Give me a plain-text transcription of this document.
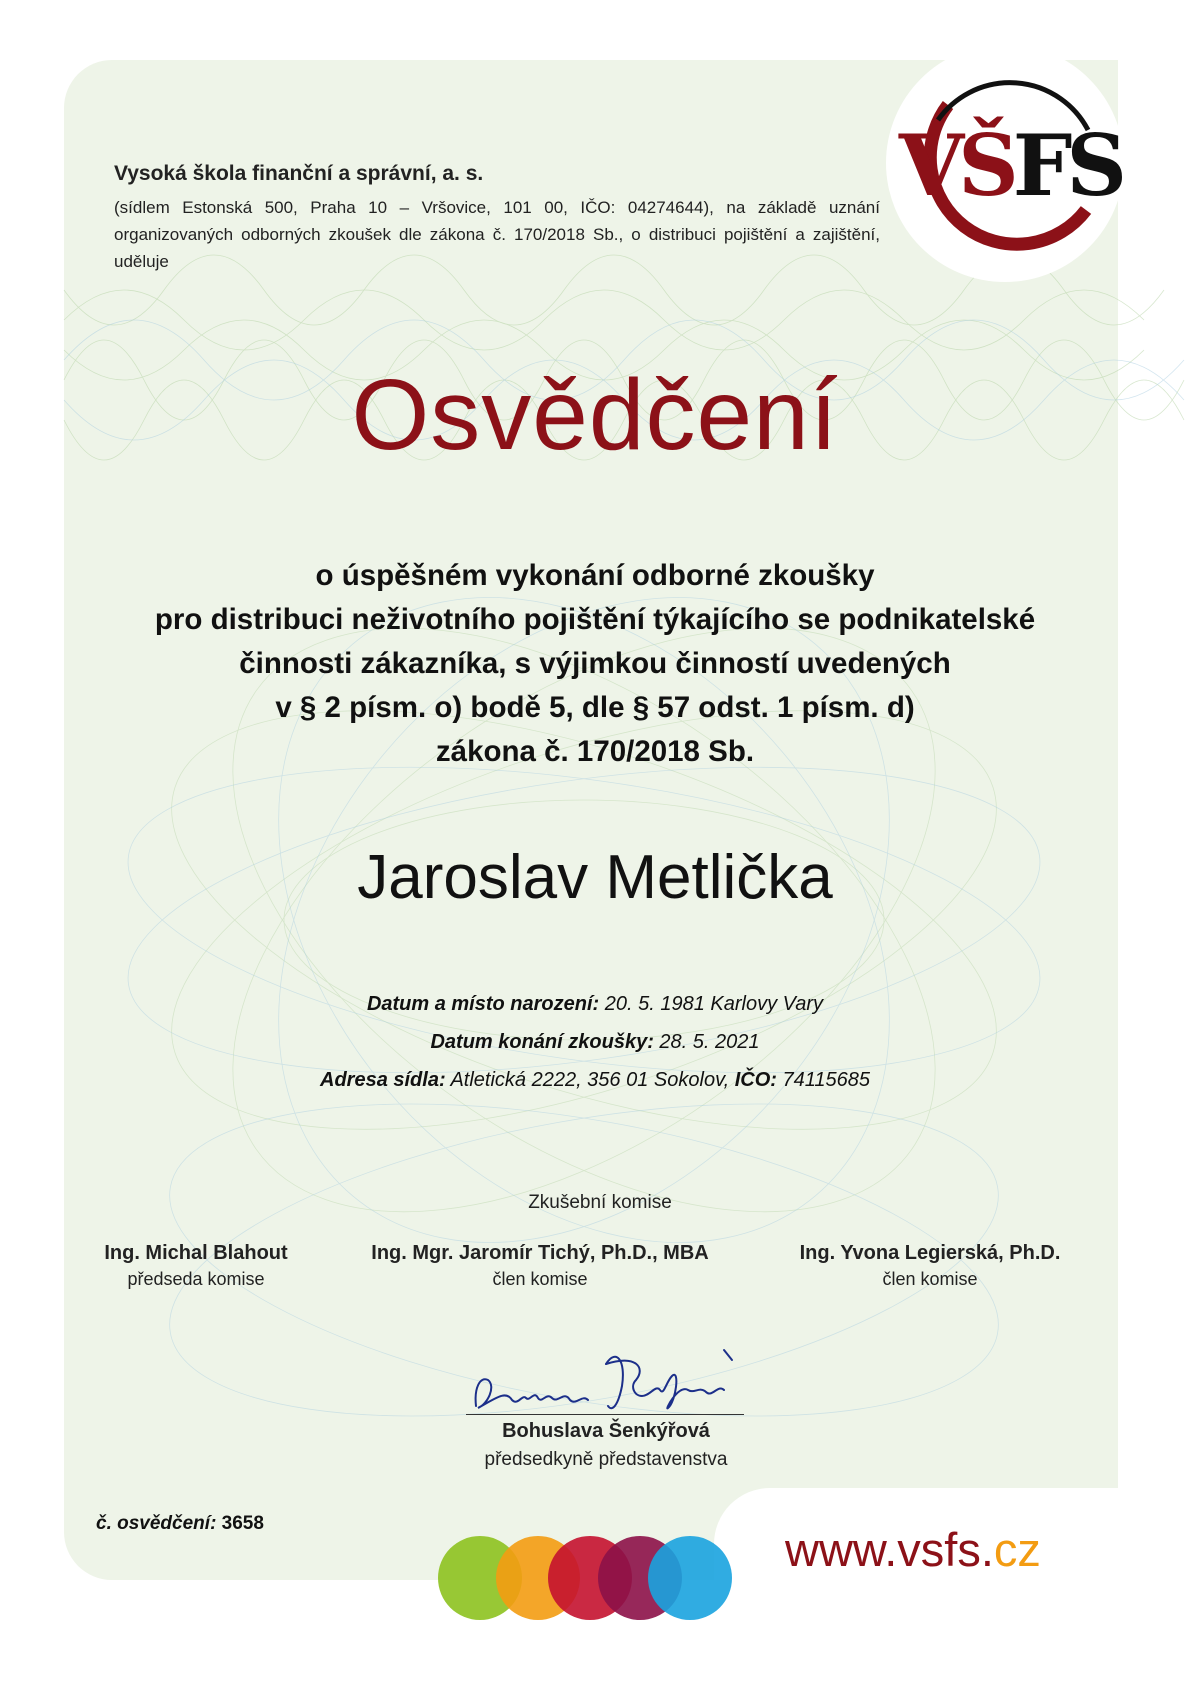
VŠFS
Vysoká škola finanční a správní, a. s.
(sídlem Estonská 500, Praha 10 – Vršovice, 101 00, IČO: 04274644), na základě uznání organizovaných odborných zkoušek dle zákona č. 170/2018 Sb., o distribuci pojištění a zajištění, uděluje
Osvědčení
o úspěšném vykonání odborné zkoušky
pro distribuci neživotního pojištění týkajícího se podnikatelské
činnosti zákazníka, s výjimkou činností uvedených
v § 2 písm. o) bodě 5, dle § 57 odst. 1 písm. d)
zákona č. 170/2018 Sb.
Jaroslav Metlička
Datum a místo narození: 20. 5. 1981 Karlovy Vary
Datum konání zkoušky: 28. 5. 2021
Adresa sídla: Atletická 2222, 356 01 Sokolov, IČO: 74115685
Zkušební komise
Ing. Michal Blahout
předseda komise
Ing. Mgr. Jaromír Tichý, Ph.D., MBA
člen komise
Ing. Yvona Legierská, Ph.D.
člen komise
Bohuslava Šenkýřová
předsedkyně představenstva
č. osvědčení: 3658	www.vsfs.cz
